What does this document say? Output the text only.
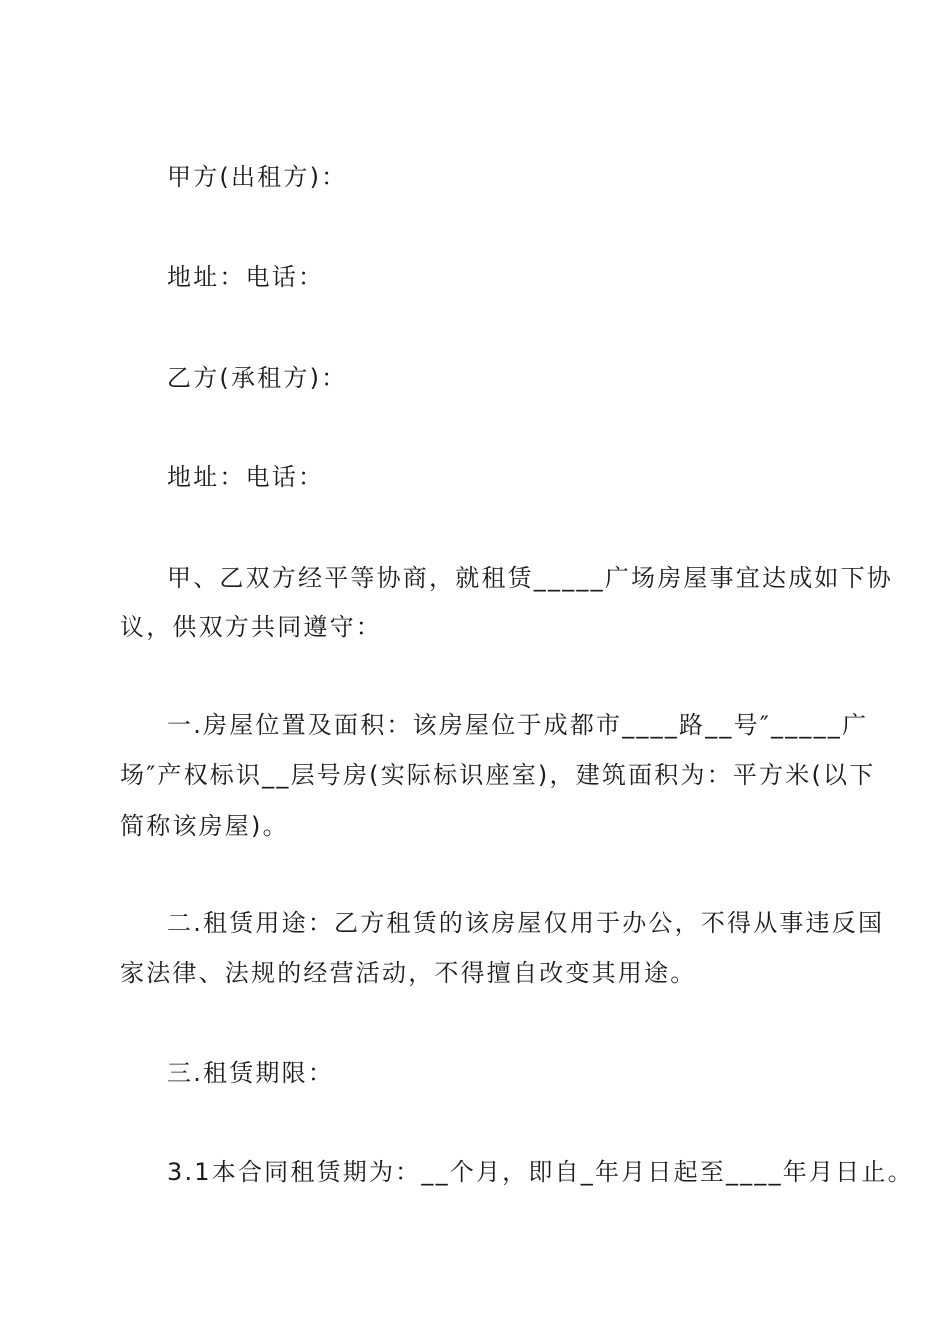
甲方(出租方)：
地址：电话：
乙方(承租方)：
地址：电话：
甲、乙双方经平等协商，就租赁_____广场房屋事宜达成如下协
议，供双方共同遵守：
一.房屋位置及面积：该房屋位于成都市____路__号″_____广
场″产权标识__层号房(实际标识座室)，建筑面积为：平方米(以下
简称该房屋)。
二.租赁用途：乙方租赁的该房屋仅用于办公，不得从事违反国
家法律、法规的经营活动，不得擅自改变其用途。
三.租赁期限：
3.1本合同租赁期为：__个月，即自_年月日起至____年月日止。
